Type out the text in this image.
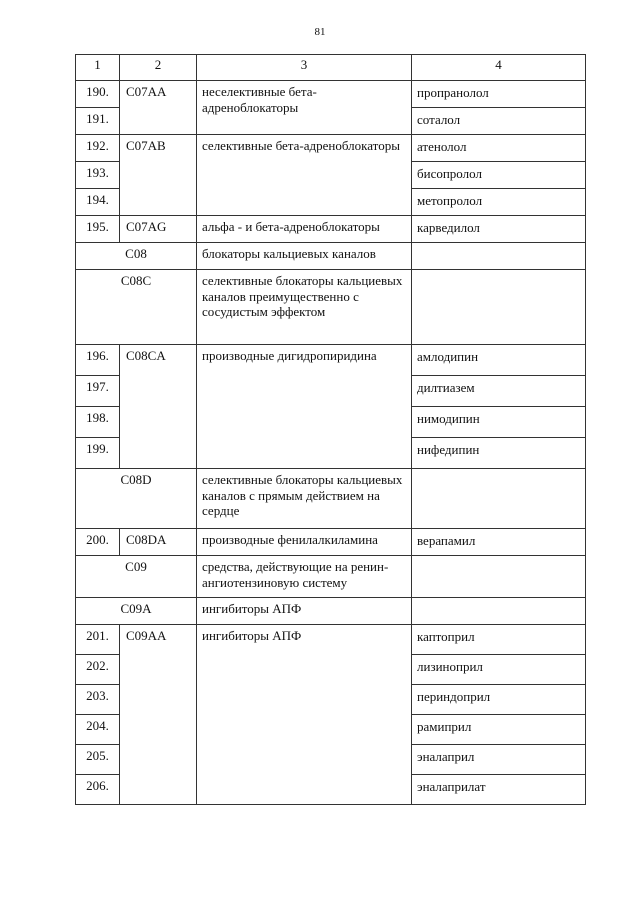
81
1	2	3	4
190.	C07AA	неселективные бета-адреноблокаторы	пропранолол
191.			соталол
192.	C07AB	селективные бета-адреноблокаторы	атенолол
193.			бисопролол
194.			метопролол
195.	C07AG	альфа - и бета-адреноблокаторы	карведилол
C08		блокаторы кальциевых каналов	
C08C		селективные блокаторы кальциевых каналов преимущественно с сосудистым эффектом	
196.	C08CA	производные дигидропиридина	амлодипин
197.			дилтиазем
198.			нимодипин
199.			нифедипин
C08D		селективные блокаторы кальциевых каналов с прямым действием на сердце	
200.	C08DA	производные фенилалкиламина	верапамил
C09		средства, действующие на ренин-ангиотензиновую систему	
C09A		ингибиторы АПФ	
201.	C09AA	ингибиторы АПФ	каптоприл
202.			лизиноприл
203.			периндоприл
204.			рамиприл
205.			эналаприл
206.			эналаприлат
